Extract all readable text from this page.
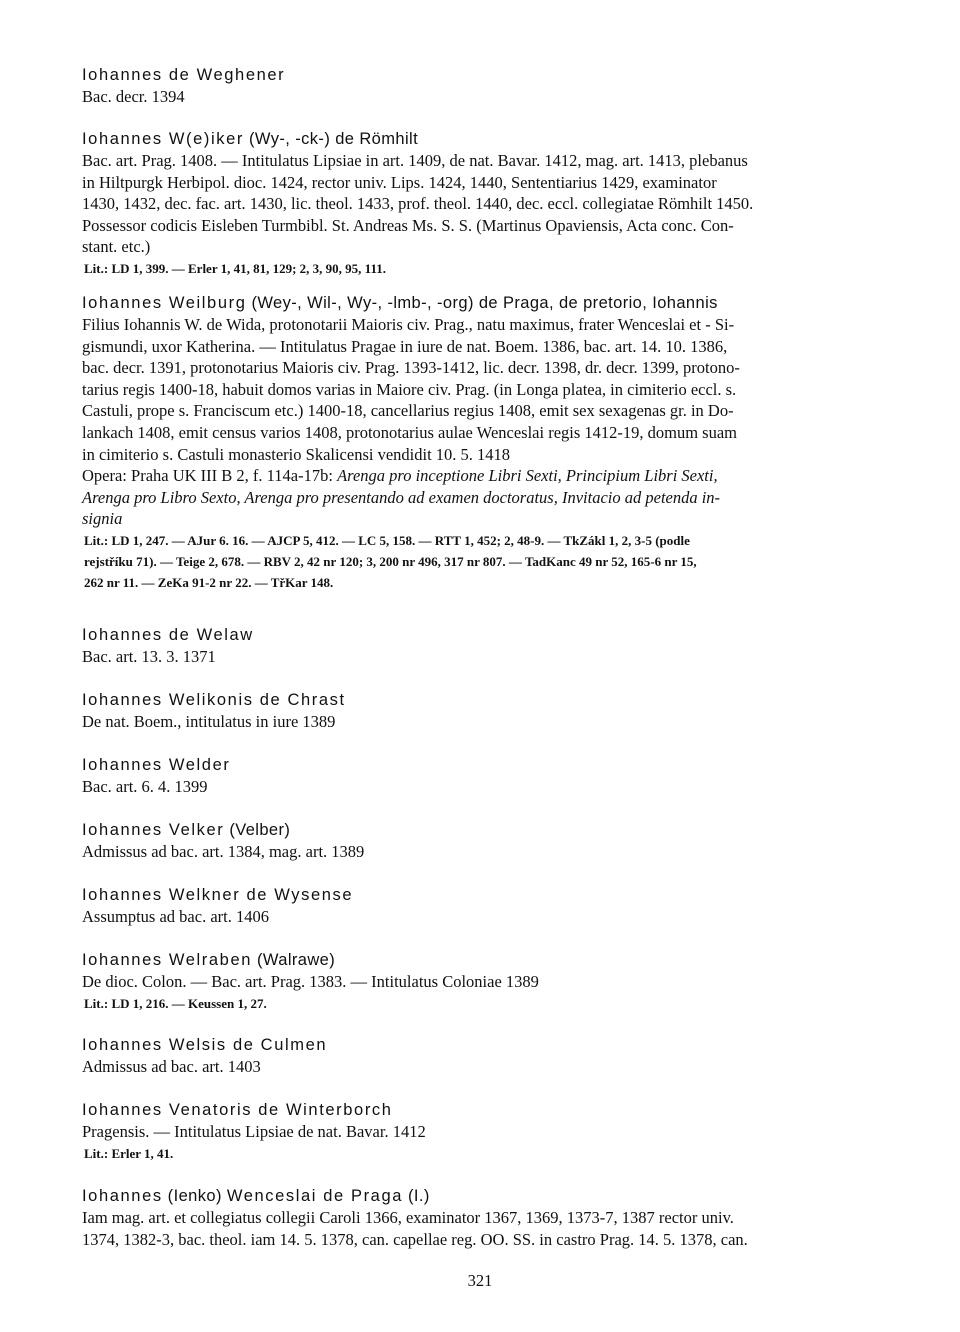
Iohannes de Weghener
Bac. decr. 1394
Iohannes W(e)iker (Wy-, -ck-) de Römhilt
Bac. art. Prag. 1408. — Intitulatus Lipsiae in art. 1409, de nat. Bavar. 1412, mag. art. 1413, plebanus
in Hiltpurgk Herbipol. dioc. 1424, rector univ. Lips. 1424, 1440, Sententiarius 1429, examinator
1430, 1432, dec. fac. art. 1430, lic. theol. 1433, prof. theol. 1440, dec. eccl. collegiatae Römhilt 1450.
Possessor codicis Eisleben Turmbibl. St. Andreas Ms. S. S. (Martinus Opaviensis, Acta conc. Con-
stant. etc.)
Lit.: LD 1, 399. — Erler 1, 41, 81, 129; 2, 3, 90, 95, 111.
Iohannes Weilburg (Wey-, Wil-, Wy-, -lmb-, -org) de Praga, de pretorio, Iohannis
Filius Iohannis W. de Wida, protonotarii Maioris civ. Prag., natu maximus, frater Wenceslai et - Si-
gismundi, uxor Katherina. — Intitulatus Pragae in iure de nat. Boem. 1386, bac. art. 14. 10. 1386,
bac. decr. 1391, protonotarius Maioris civ. Prag. 1393-1412, lic. decr. 1398, dr. decr. 1399, protono-
tarius regis 1400-18, habuit domos varias in Maiore civ. Prag. (in Longa platea, in cimiterio eccl. s.
Castuli, prope s. Franciscum etc.) 1400-18, cancellarius regius 1408, emit sex sexagenas gr. in Do-
lankach 1408, emit census varios 1408, protonotarius aulae Wenceslai regis 1412-19, domum suam
in cimiterio s. Castuli monasterio Skalicensi vendidit 10. 5. 1418
Opera: Praha UK III B 2, f. 114a-17b: Arenga pro inceptione Libri Sexti, Principium Libri Sexti,
Arenga pro Libro Sexto, Arenga pro presentando ad examen doctoratus, Invitacio ad petenda in-
signia
Lit.: LD 1, 247. — AJur 6. 16. — AJCP 5, 412. — LC 5, 158. — RTT 1, 452; 2, 48-9. — TkZákl 1, 2, 3-5 (podle
rejstříku 71). — Teige 2, 678. — RBV 2, 42 nr 120; 3, 200 nr 496, 317 nr 807. — TadKanc 49 nr 52, 165-6 nr 15,
262 nr 11. — ZeKa 91-2 nr 22. — TřKar 148.
Iohannes de Welaw
Bac. art. 13. 3. 1371
Iohannes Welikonis de Chrast
De nat. Boem., intitulatus in iure 1389
Iohannes Welder
Bac. art. 6. 4. 1399
Iohannes Velker (Velber)
Admissus ad bac. art. 1384, mag. art. 1389
Iohannes Welkner de Wysense
Assumptus ad bac. art. 1406
Iohannes Welraben (Walrawe)
De dioc. Colon. — Bac. art. Prag. 1383. — Intitulatus Coloniae 1389
Lit.: LD 1, 216. — Keussen 1, 27.
Iohannes Welsis de Culmen
Admissus ad bac. art. 1403
Iohannes Venatoris de Winterborch
Pragensis. — Intitulatus Lipsiae de nat. Bavar. 1412
Lit.: Erler 1, 41.
Iohannes (Ienko) Wenceslai de Praga (I.)
Iam mag. art. et collegiatus collegii Caroli 1366, examinator 1367, 1369, 1373-7, 1387 rector univ.
1374, 1382-3, bac. theol. iam 14. 5. 1378, can. capellae reg. OO. SS. in castro Prag. 14. 5. 1378, can.
321
